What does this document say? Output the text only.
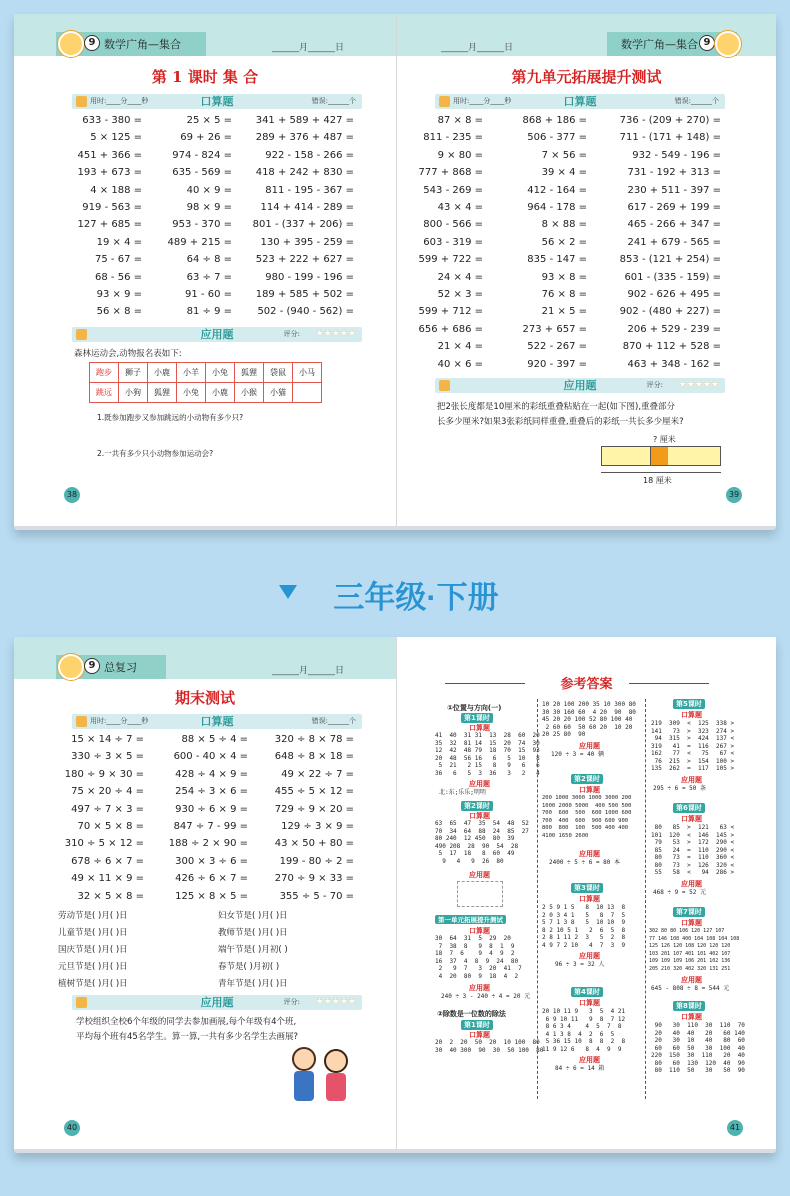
9 数学广角—集合	______月______日
第 1 课时 集 合
用时:____分____秒	口算题	错误:______个
633 - 380 =	25 × 5 = 341 + 589 + 427 =
5 × 125 =	69 + 26 = 289 + 376 + 487 =
451 + 366 =	974 - 824 =	922 - 158 - 266 =
193 + 673 =	635 - 569 = 418 + 242 + 830 =
4 × 188 =	40 × 9 =	811 - 195 - 367 =
919 - 563 =	98 × 9 =	114 + 414 - 289 =
127 + 685 =	953 - 370 = 801 - (337 + 206) =
19 × 4 =	489 + 215 =	130 + 395 - 259 =
75 - 67 =	64 ÷ 8 = 523 + 222 + 627 =
68 - 56 =	63 ÷ 7 =	980 - 199 - 196 =
93 × 9 =	91 - 60 = 189 + 585 + 502 =
56 × 8 =	81 ÷ 9 =	502 - (940 - 562) =
应用题	评分: ★★★★★
森林运动会,动物报名表如下:
跑步	狮子	小鹿	小羊	小兔	狐狸	袋鼠	小马
跳远	小狗	狐狸	小兔	小鹿	小猴	小猫	
1.既参加跑步又参加跳远的小动物有多少只?
2.一共有多少只小动物参加运动会?
38
______月______日	数学广角—集合 9
第九单元拓展提升测试
用时:____分____秒	口算题	错误:______个
87 × 8 =	868 + 186 =	736 - (209 + 270) =
811 - 235 =	506 - 377 =	711 - (171 + 148) =
9 × 80 =	7 × 56 =	932 - 549 - 196 =
777 + 868 =	39 × 4 =	731 - 192 + 313 =
543 - 269 =	412 - 164 =	230 + 511 - 397 =
43 × 4 =	964 - 178 =	617 - 269 + 199 =
800 - 566 =	8 × 88 =	465 - 266 + 347 =
603 - 319 =	56 × 2 =	241 + 679 - 565 =
599 + 722 =	835 - 147 =	853 - (121 + 254) =
24 × 4 =	93 × 8 =	601 - (335 - 159) =
52 × 3 =	76 × 8 =	902 - 626 + 495 =
599 + 712 =	21 × 5 =	902 - (480 + 227) =
656 + 686 =	273 + 657 =	206 + 529 - 239 =
21 × 4 =	522 - 267 =	870 + 112 + 528 =
40 × 6 =	920 - 397 =	463 + 348 - 162 =
应用题	评分: ★★★★★
把2张长度都是10厘米的彩纸重叠粘贴在一起(如下图),重叠部分
长多少厘米?如果3张彩纸同样重叠,重叠后的彩纸一共长多少厘米?
? 厘米
18 厘米
39
三年级·下册
9 总复习	______月______日
期末测试
用时:____分____秒	口算题	错误:______个
15 × 14 ÷ 7 =	88 × 5 ÷ 4 =	320 ÷ 8 × 78 =
330 ÷ 3 × 5 =	600 - 40 × 4 =	648 ÷ 8 × 18 =
180 ÷ 9 × 30 =	428 ÷ 4 × 9 =	49 × 22 ÷ 7 =
75 × 20 ÷ 4 =	254 ÷ 3 × 6 =	455 ÷ 5 × 12 =
497 ÷ 7 × 3 =	930 ÷ 6 × 9 =	729 ÷ 9 × 20 =
70 × 5 × 8 =	847 ÷ 7 - 99 =	129 ÷ 3 × 9 =
310 ÷ 5 × 12 = 188 ÷ 2 × 90 =	43 × 50 + 80 =
678 ÷ 6 × 7 =	300 × 3 ÷ 6 =	199 - 80 ÷ 2 =
49 × 11 × 9 =	426 ÷ 6 × 7 =	270 ÷ 9 × 33 =
32 × 5 × 8 =	125 × 8 × 5 =	355 ÷ 5 - 70 =
劳动节是( )月( )日	妇女节是( )月( )日
儿童节是( )月( )日	教师节是( )月( )日
国庆节是( )月( )日	端午节是( )月初( )
元旦节是( )月( )日	春节是( )月初( )
植树节是( )月( )日	青年节是( )月( )日
应用题	评分: ★★★★★
学校组织全校6个年级的同学去参加画展,每个年级有4个班,
平均每个班有45名学生。算一算,一共有多少名学生去画展?
40
参考答案
①位置与方向(一)
第1课时
口算题
41  40  31 31  13  28  60  20
35  32  81 14  15  20  74  30
12  42  48 79  18  70  15  93
20  48  56 16   6   5  10   8
5  21   2 15   8   9   6   6
36   6   5  3  36   3   2   4
应用题
北:东;乐乐;明明
第2课时
口算题
63  65  47  35  54  48  52
70  34  64  88  24  85  27
80 240  12 450  80  39
490 208  28  90  54  28
5  17  18   8  60  49
9   4   9  26  80
应用题
第一单元拓展提升测试
口算题
30  64  31  5  29  20
7  38  8   9  8  1  9
18  7  6    9  4  9  2
16  37  4  8  9  24  80
2   9  7   3  20  41  7
4  20  80  9  18  4  2
应用题
240 ÷ 3 - 240 ÷ 4 = 20 元
②除数是一位数的除法
第1课时
口算题
20  2  20  50  20  10 100  80
30  40 300  90  30  50 100  80
10 20 100 200 35 10 300 80
30 30 160 60  4 20  90  80
45 20 20 100 52 80 100 40
2 60 60  50 60 20  10 20
20 25 80  90
应用题
120 ÷ 3 = 40 辆
第2课时
口算题
200 1000 3000 1000 3000 200
1000 2000 5000  400 500 500
700  600  500  600 1000 600
700  400  600  900 600 900
800  800  100  500 400 400
4100 1650 2600
应用题
2400 ÷ 5 ÷ 6 = 80 本
第3课时
口算题
2 5 9 1 5   8  10 13  8
2 0 3 4 1   5   8  7  5
5 7 1 3 8   5  10 10  9
8 2 10 5 1   2  6  5  8
2 8 1 11 2  3   5  2  8
4 9 7 2 10   4  7  3  9
应用题
96 ÷ 3 = 32 人
第4课时
口算题
20 10 11 9   3  5  4 21
6 9 10 11   9  8  7 12
8 6 3 4    4  5  7  8
4 1 3 8  4  2  6  5
5 36 15 10  8  8  2  8
11 9 12 6   8  4  9  9
应用题
84 ÷ 6 = 14 箱
第5课时
口算题
219  309  <  125  338 >
141   73  >  323  274 >
94  315  >  424  137 <
319   41  =  116  267 >
162   77  <   75   67 <
76  215  >  154  100 >
135  262  =  117  105 >
应用题
295 ÷ 6 ≈ 50 条
第6课时
口算题
80   85  >  121   63 <
101  120  <  146  145 >
79   53  >  172  290 <
85   24  =  110  290 <
80   73  =  110  360 <
80   73  >  126  320 <
55   58  <   94  286 >
应用题
468 ÷ 9 = 52 元
第7课时
口算题
302 80 80 106 120 127 107
77 146 108 400 104 108 104 108
125 126 120 108 120 120 120
103 201 107 401 101 402 107
109 109 109 106 201 102 136
205 210 320 402 320 131 251
应用题
645 - 808 ÷ 8 = 544 元
第8课时
口算题
90   30  110  30  110  70
20   40  40   20   60 140
20   30  10   40   80  60
60   60  50   30  100  40
220  150  30  110   20  40
80   60  130  120  40  90
80  110  50   30   50  90
41
